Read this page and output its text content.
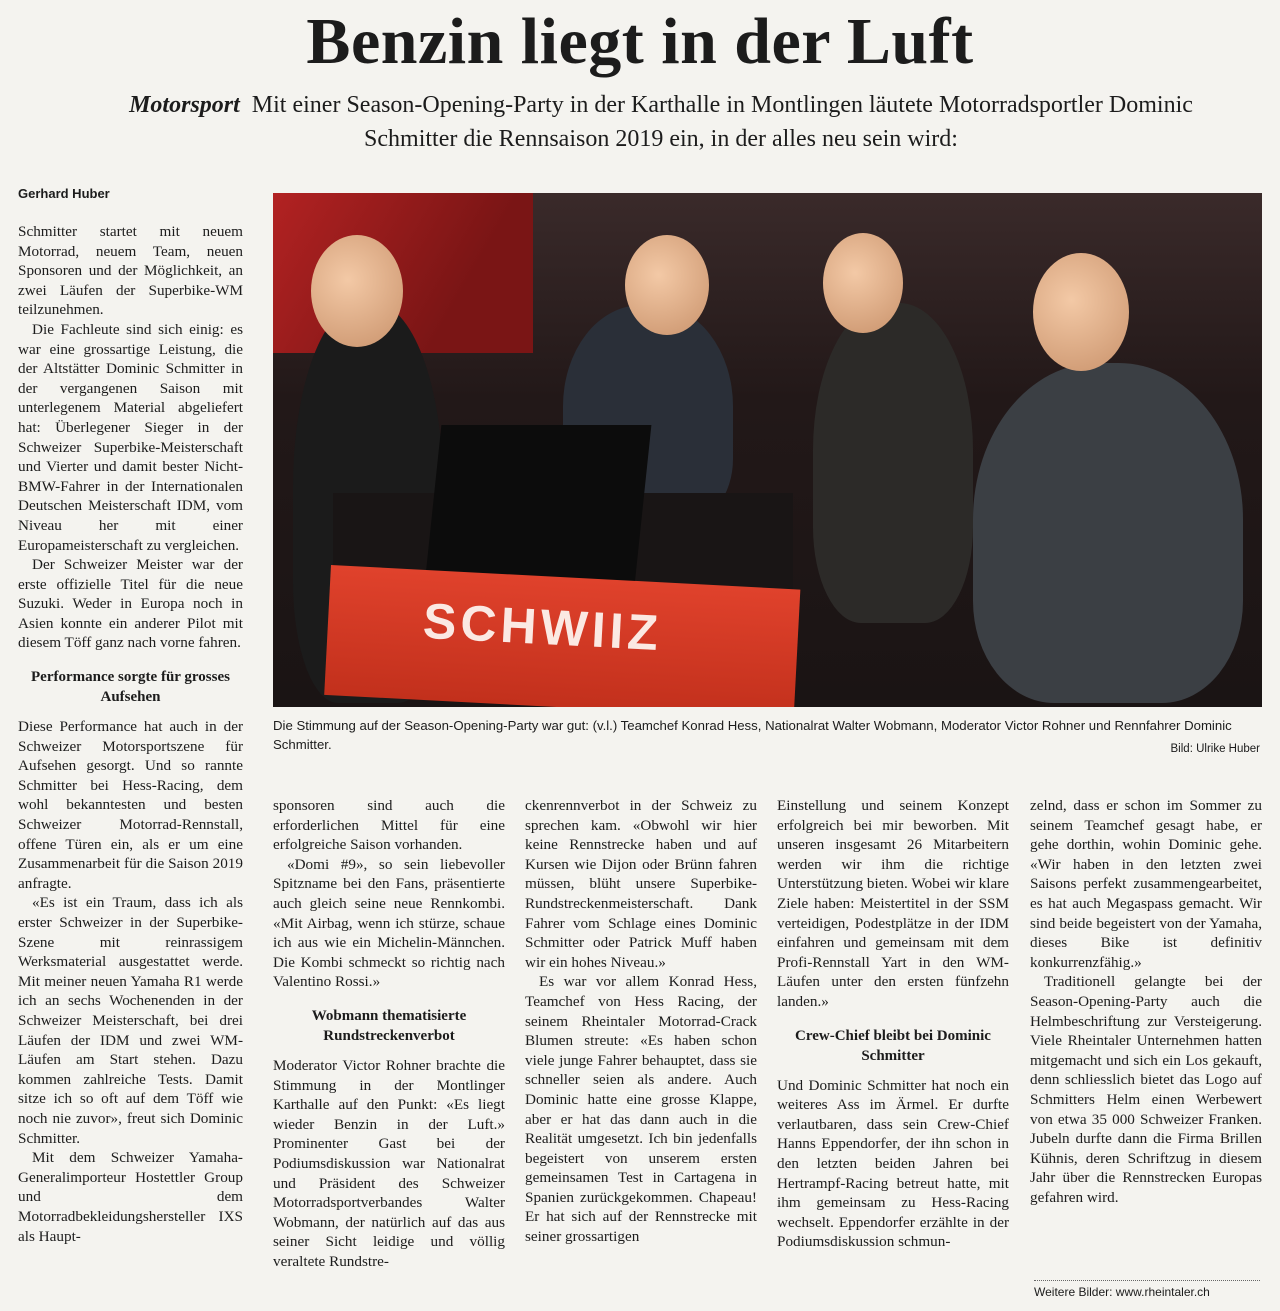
Benzin liegt in der Luft
Motorsport Mit einer Season-Opening-Party in der Karthalle in Montlingen läutete Motorradsportler Dominic Schmitter die Rennsaison 2019 ein, in der alles neu sein wird:
Gerhard Huber

Schmitter startet mit neuem Motorrad, neuem Team, neuen Sponsoren und der Möglichkeit, an zwei Läufen der Superbike-WM teilzunehmen.

Die Fachleute sind sich einig: es war eine grossartige Leistung, die der Altstätter Dominic Schmitter in der vergangenen Saison mit unterlegenem Material abgeliefert hat: Überlegener Sieger in der Schweizer Superbike-Meisterschaft und Vierter und damit bester Nicht-BMW-Fahrer in der Internationalen Deutschen Meisterschaft IDM, vom Niveau her mit einer Europameisterschaft zu vergleichen.

Der Schweizer Meister war der erste offizielle Titel für die neue Suzuki. Weder in Europa noch in Asien konnte ein anderer Pilot mit diesem Töff ganz nach vorne fahren.

Performance sorgte für grosses Aufsehen

Diese Performance hat auch in der Schweizer Motorsportszene für Aufsehen gesorgt. Und so rannte Schmitter bei Hess-Racing, dem wohl bekanntesten und besten Schweizer Motorrad-Rennstall, offene Türen ein, als er um eine Zusammenarbeit für die Saison 2019 anfragte.

«Es ist ein Traum, dass ich als erster Schweizer in der Superbike-Szene mit reinrassigem Werksmaterial ausgestattet werde. Mit meiner neuen Yamaha R1 werde ich an sechs Wochenenden in der Schweizer Meisterschaft, bei drei Läufen der IDM und zwei WM-Läufen am Start stehen. Dazu kommen zahlreiche Tests. Damit sitze ich so oft auf dem Töff wie noch nie zuvor», freut sich Dominic Schmitter.

Mit dem Schweizer Yamaha-Generalimporteur Hostettler Group und dem Motorradbekleidungshersteller IXS als Haupt-

SCHWIIZ
Die Stimmung auf der Season-Opening-Party war gut: (v.l.) Teamchef Konrad Hess, Nationalrat Walter Wobmann, Moderator Victor Rohner und Rennfahrer Dominic Schmitter.	Bild: Ulrike Huber

sponsoren sind auch die erforderlichen Mittel für eine erfolgreiche Saison vorhanden.

«Domi #9», so sein liebevoller Spitzname bei den Fans, präsentierte auch gleich seine neue Rennkombi. «Mit Airbag, wenn ich stürze, schaue ich aus wie ein Michelin-Männchen. Die Kombi schmeckt so richtig nach Valentino Rossi.»

Wobmann thematisierte Rundstreckenverbot

Moderator Victor Rohner brachte die Stimmung in der Montlinger Karthalle auf den Punkt: «Es liegt wieder Benzin in der Luft.» Prominenter Gast bei der Podiumsdiskussion war Nationalrat und Präsident des Schweizer Motorradsportverbandes Walter Wobmann, der natürlich auf das aus seiner Sicht leidige und völlig veraltete Rundstre-

ckenrennverbot in der Schweiz zu sprechen kam. «Obwohl wir hier keine Rennstrecke haben und auf Kursen wie Dijon oder Brünn fahren müssen, blüht unsere Superbike-Rundstreckenmeisterschaft. Dank Fahrer vom Schlage eines Dominic Schmitter oder Patrick Muff haben wir ein hohes Niveau.»

Es war vor allem Konrad Hess, Teamchef von Hess Racing, der seinem Rheintaler Motorrad-Crack Blumen streute: «Es haben schon viele junge Fahrer behauptet, dass sie schneller seien als andere. Auch Dominic hatte eine grosse Klappe, aber er hat das dann auch in die Realität umgesetzt. Ich bin jedenfalls begeistert von unserem ersten gemeinsamen Test in Cartagena in Spanien zurückgekommen. Chapeau! Er hat sich auf der Rennstrecke mit seiner grossartigen

Einstellung und seinem Konzept erfolgreich bei mir beworben. Mit unseren insgesamt 26 Mitarbeitern werden wir ihm die richtige Unterstützung bieten. Wobei wir klare Ziele haben: Meistertitel in der SSM verteidigen, Podestplätze in der IDM einfahren und gemeinsam mit dem Profi-Rennstall Yart in den WM-Läufen unter den ersten fünfzehn landen.»

Crew-Chief bleibt bei Dominic Schmitter

Und Dominic Schmitter hat noch ein weiteres Ass im Ärmel. Er durfte verlautbaren, dass sein Crew-Chief Hanns Eppendorfer, der ihn schon in den letzten beiden Jahren bei Hertrampf-Racing betreut hatte, mit ihm gemeinsam zu Hess-Racing wechselt. Eppendorfer erzählte in der Podiumsdiskussion schmun-

zelnd, dass er schon im Sommer zu seinem Teamchef gesagt habe, er gehe dorthin, wohin Dominic gehe. «Wir haben in den letzten zwei Saisons perfekt zusammengearbeitet, es hat auch Megaspass gemacht. Wir sind beide begeistert von der Yamaha, dieses Bike ist definitiv konkurrenzfähig.»

Traditionell gelangte bei der Season-Opening-Party auch die Helmbeschriftung zur Versteigerung. Viele Rheintaler Unternehmen hatten mitgemacht und sich ein Los gekauft, denn schliesslich bietet das Logo auf Schmitters Helm einen Werbewert von etwa 35 000 Schweizer Franken. Jubeln durfte dann die Firma Brillen Kühnis, deren Schriftzug in diesem Jahr über die Rennstrecken Europas gefahren wird.

Weitere Bilder: www.rheintaler.ch
